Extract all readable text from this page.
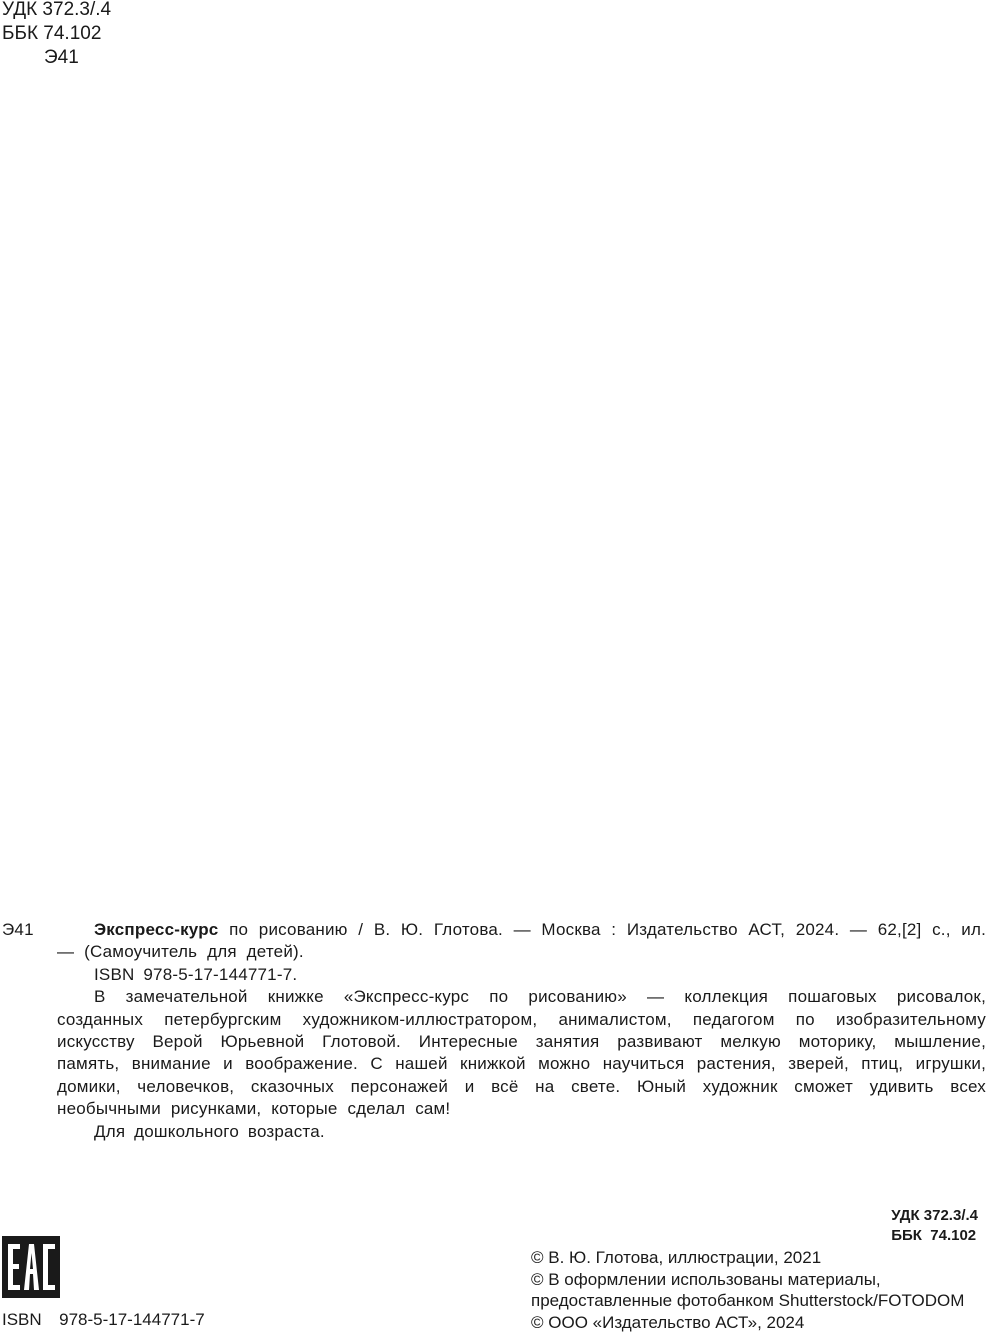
УДК 372.3/.4
ББК 74.102
Э41
Э41	Экспресс-курс по рисованию / В. Ю. Глотова. — Москва : Издательство АСТ, 2024. — 62,[2] с., ил. — (Самоучитель для детей).

ISBN 978-5-17-144771-7.

В замечательной книжке «Экспресс-курс по рисованию» — коллекция пошаговых рисовалок, созданных петербургским художником-иллюстратором, анималистом, педагогом по изобразительному искусству Верой Юрьевной Глотовой. Интересные занятия развивают мелкую моторику, мышление, память, внимание и воображение. С нашей книжкой можно научиться растения, зверей, птиц, игрушки, домики, человечков, сказочных персонажей и всё на свете. Юный художник сможет удивить всех необычными рисунками, которые сделал сам!

Для дошкольного возраста.
УДК 372.3/.4
ББК  74.102
ISBN  978-5-17-144771-7
© В. Ю. Глотова, иллюстрации, 2021
© В оформлении использованы материалы,
предоставленные фотобанком Shutterstock/FOTODOM
© ООО «Издательство АСТ», 2024
